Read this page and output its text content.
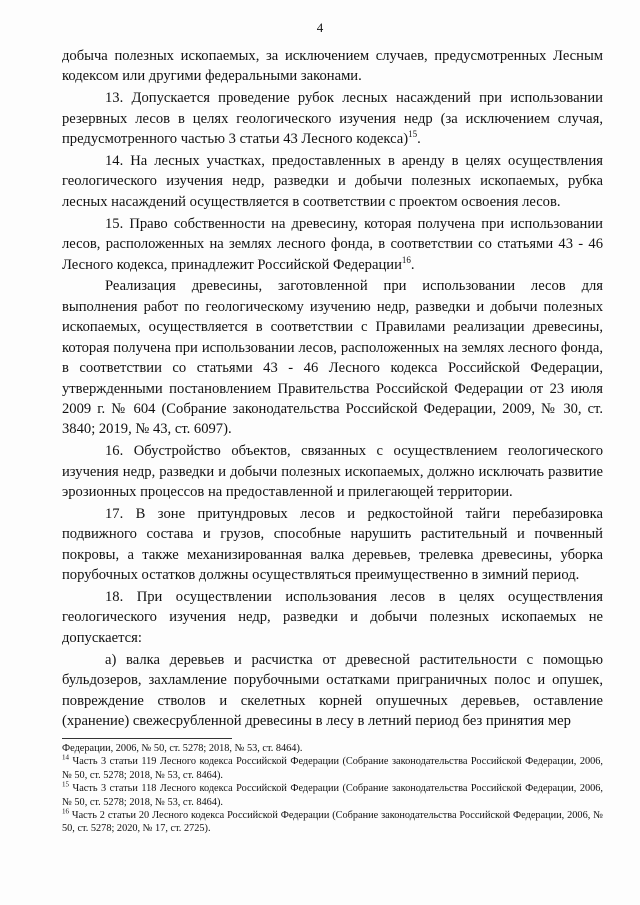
4

добыча полезных ископаемых, за исключением случаев, предусмотренных Лесным кодексом или другими федеральными законами.

13. Допускается проведение рубок лесных насаждений при использовании резервных лесов в целях геологического изучения недр (за исключением случая, предусмотренного частью 3 статьи 43 Лесного кодекса)$^{15}$.

14. На лесных участках, предоставленных в аренду в целях осуществления геологического изучения недр, разведки и добычи полезных ископаемых, рубка лесных насаждений осуществляется в соответствии с проектом освоения лесов.

15. Право собственности на древесину, которая получена при использовании лесов, расположенных на землях лесного фонда, в соответствии со статьями 43 - 46 Лесного кодекса, принадлежит Российской Федерации$^{16}$.

Реализация древесины, заготовленной при использовании лесов для выполнения работ по геологическому изучению недр, разведки и добычи полезных ископаемых, осуществляется в соответствии с Правилами реализации древесины, которая получена при использовании лесов, расположенных на землях лесного фонда, в соответствии со статьями 43 - 46 Лесного кодекса Российской Федерации, утвержденными постановлением Правительства Российской Федерации от 23 июля 2009 г. № 604 (Собрание законодательства Российской Федерации, 2009, № 30, ст. 3840; 2019, № 43, ст. 6097).

16. Обустройство объектов, связанных с осуществлением геологического изучения недр, разведки и добычи полезных ископаемых, должно исключать развитие эрозионных процессов на предоставленной и прилегающей территории.

17. В зоне притундровых лесов и редкостойной тайги перебазировка подвижного состава и грузов, способные нарушить растительный и почвенный покровы, а также механизированная валка деревьев, трелевка древесины, уборка порубочных остатков должны осуществляться преимущественно в зимний период.

18. При осуществлении использования лесов в целях осуществления геологического изучения недр, разведки и добычи полезных ископаемых не допускается:

а) валка деревьев и расчистка от древесной растительности с помощью бульдозеров, захламление порубочными остатками приграничных полос и опушек, повреждение стволов и скелетных корней опушечных деревьев, оставление (хранение) свежесрубленной древесины в лесу в летний период без принятия мер

Федерации, 2006, № 50, ст. 5278; 2018, № 53, ст. 8464).

$^{14}$ Часть 3 статьи 119 Лесного кодекса Российской Федерации (Собрание законодательства Российской Федерации, 2006, № 50, ст. 5278; 2018, № 53, ст. 8464).

$^{15}$ Часть 3 статьи 118 Лесного кодекса Российской Федерации (Собрание законодательства Российской Федерации, 2006, № 50, ст. 5278; 2018, № 53, ст. 8464).

$^{16}$ Часть 2 статьи 20 Лесного кодекса Российской Федерации (Собрание законодательства Российской Федерации, 2006, № 50, ст. 5278; 2020, № 17, ст. 2725).
